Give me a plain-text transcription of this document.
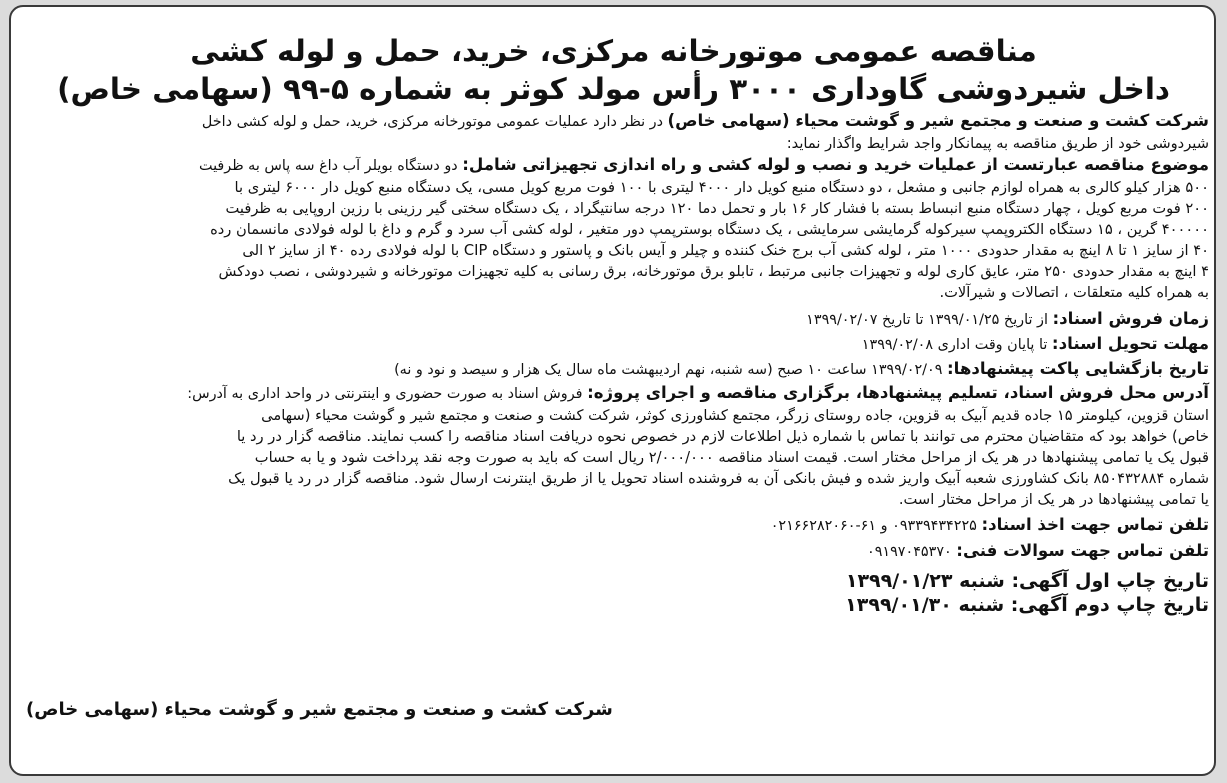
مناقصه عمومی موتورخانه مرکزی، خرید، حمل و لوله کشی

داخل شیردوشی گاوداری ۳۰۰۰ رأس مولد کوثر به شماره ۵-۹۹ (سهامی خاص)

شرکت کشت و صنعت و مجتمع شیر و گوشت محیاء (سهامی خاص) در نظر دارد عملیات عمومی موتورخانه مرکزی، خرید، حمل و لوله کشی داخل

شیردوشی خود از طریق مناقصه به پیمانکار واجد شرایط واگذار نماید:

موضوع مناقصه عبارتست از عملیات خرید و نصب و لوله کشی و راه اندازی تجهیزاتی شامل: دو دستگاه بویلر آب داغ سه پاس به ظرفیت

۵۰۰ هزار کیلو کالری به همراه لوازم جانبی و مشعل ، دو دستگاه منبع کویل دار ۴۰۰۰ لیتری با ۱۰۰ فوت مربع کویل مسی، یک دستگاه منبع کویل دار ۶۰۰۰ لیتری با

۲۰۰ فوت مربع کویل ، چهار دستگاه منبع انبساط بسته با فشار کار ۱۶ بار و تحمل دما ۱۲۰ درجه سانتیگراد ، یک دستگاه سختی گیر رزینی با رزین اروپایی به ظرفیت

۴۰۰۰۰۰ گرین ، ۱۵ دستگاه الکتروپمپ سیرکوله گرمایشی سرمایشی ، یک دستگاه بوسترپمپ دور متغیر ، لوله کشی آب سرد و گرم و داغ با لوله فولادی مانسمان رده

۴۰ از سایز ۱ تا ۸ اینچ به مقدار حدودی ۱۰۰۰ متر ، لوله کشی آب برج خنک کننده و چیلر و آیس بانک و پاستور و دستگاه CIP با لوله فولادی رده ۴۰ از سایز ۲ الی

۴ اینچ به مقدار حدودی ۲۵۰ متر، عایق کاری لوله و تجهیزات جانبی مرتبط ، تابلو برق موتورخانه، برق رسانی به کلیه تجهیزات موتورخانه و شیردوشی ، نصب دودکش

به همراه کلیه متعلقات ، اتصالات و شیرآلات.

زمان فروش اسناد: از تاریخ ۱۳۹۹/۰۱/۲۵ تا تاریخ ۱۳۹۹/۰۲/۰۷

مهلت تحویل اسناد: تا پایان وقت اداری ۱۳۹۹/۰۲/۰۸

تاریخ بازگشایی پاکت پیشنهادها: ۱۳۹۹/۰۲/۰۹ ساعت ۱۰ صبح (سه شنبه، نهم اردیبهشت ماه سال یک هزار و سیصد و نود و نه)

آدرس محل فروش اسناد، تسلیم پیشنهادها، برگزاری مناقصه و اجرای پروژه: فروش اسناد به صورت حضوری و اینترنتی در واحد اداری به آدرس:

استان قزوین، کیلومتر ۱۵ جاده قدیم آبیک به قزوین، جاده روستای زرگر، مجتمع کشاورزی کوثر، شرکت کشت و صنعت و مجتمع شیر و گوشت محیاء (سهامی

خاص) خواهد بود که متقاضیان محترم می توانند با تماس با شماره ذیل اطلاعات لازم در خصوص نحوه دریافت اسناد مناقصه را کسب نمایند. مناقصه گزار در رد یا

قبول یک یا تمامی پیشنهادها در هر یک از مراحل مختار است. قیمت اسناد مناقصه ۲/۰۰۰/۰۰۰ ریال است که باید به صورت وجه نقد پرداخت شود و یا به حساب

شماره ۸۵۰۴۳۲۸۸۴ بانک کشاورزی شعبه آبیک واریز شده و فیش بانکی آن به فروشنده اسناد تحویل یا از طریق اینترنت ارسال شود. مناقصه گزار در رد یا قبول یک

یا تمامی پیشنهادها در هر یک از مراحل مختار است.

تلفن تماس جهت اخذ اسناد: ۰۹۳۳۹۴۳۴۲۲۵ و ۶۱-۰۲۱۶۶۲۸۲۰۶۰

تلفن تماس جهت سوالات فنی: ۰۹۱۹۷۰۴۵۳۷۰

تاریخ چاپ اول آگهی: شنبه ۱۳۹۹/۰۱/۲۳

تاریخ چاپ دوم آگهی: شنبه ۱۳۹۹/۰۱/۳۰

شرکت کشت و صنعت و مجتمع شیر و گوشت محیاء (سهامی خاص)
